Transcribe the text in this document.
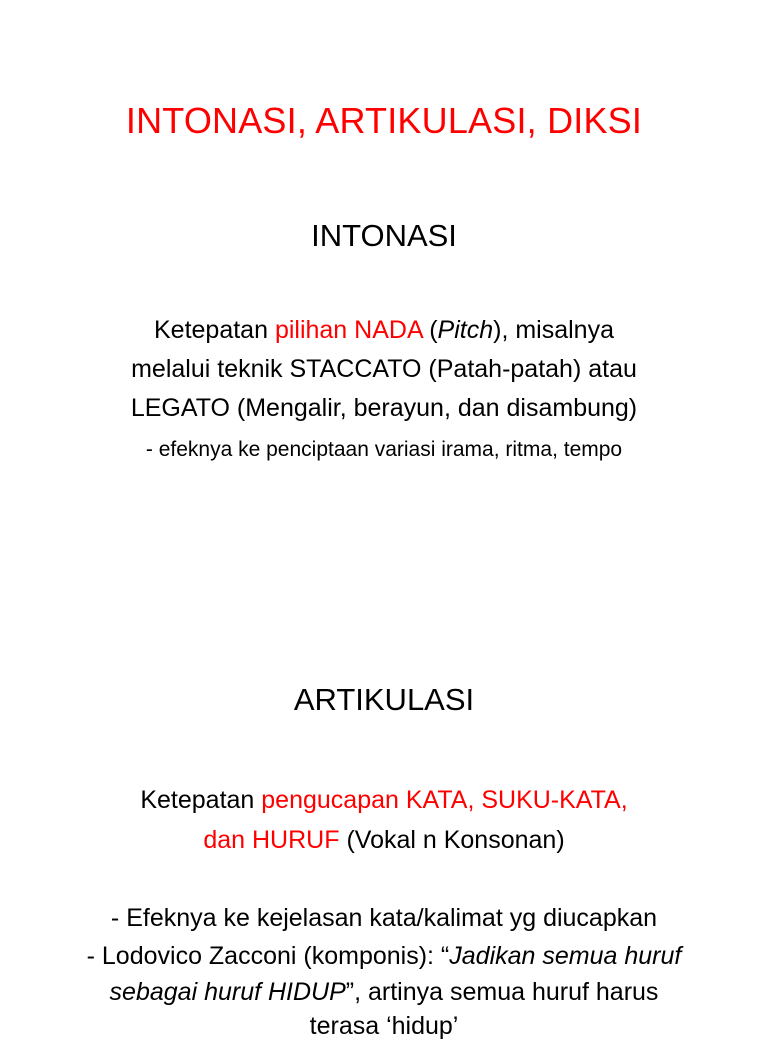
INTONASI, ARTIKULASI, DIKSI
INTONASI
Ketepatan pilihan NADA (Pitch), misalnya
melalui teknik STACCATO (Patah-patah) atau
LEGATO (Mengalir, berayun, dan disambung)
- efeknya ke penciptaan variasi irama, ritma, tempo
ARTIKULASI
Ketepatan pengucapan KATA, SUKU-KATA,
dan HURUF (Vokal n Konsonan)
- Efeknya ke kejelasan kata/kalimat yg diucapkan
- Lodovico Zacconi (komponis): “Jadikan semua huruf
sebagai huruf HIDUP”, artinya semua huruf harus
terasa ‘hidup’
